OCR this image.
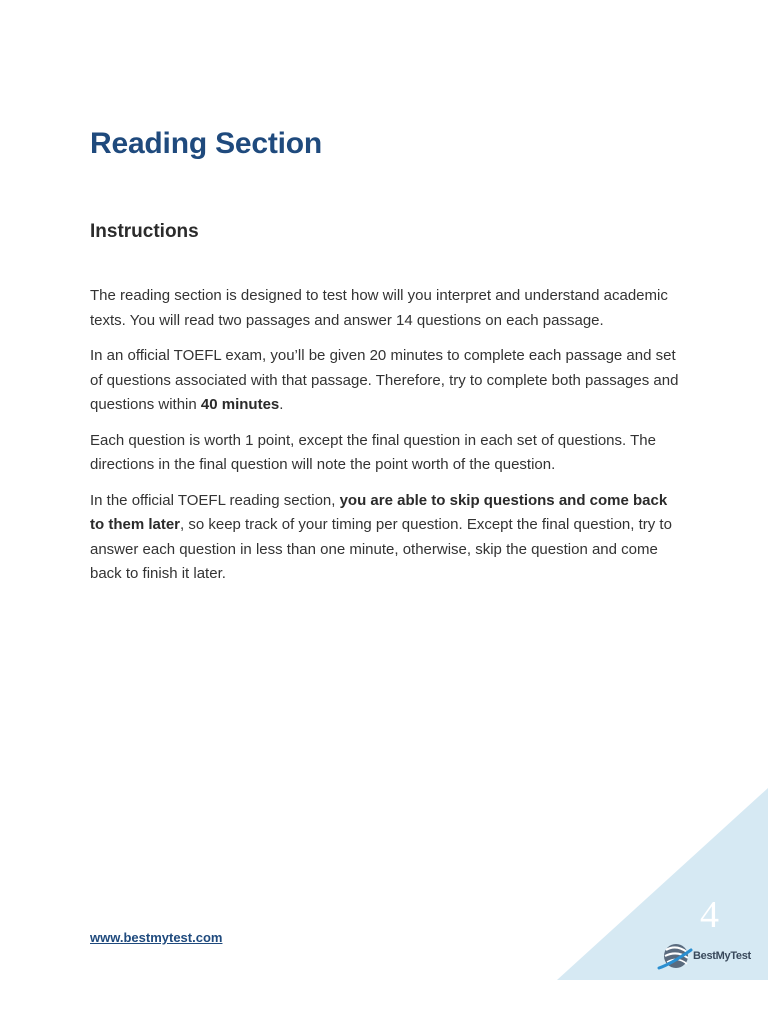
Reading Section
Instructions

The reading section is designed to test how will you interpret and understand academic texts. You will read two passages and answer 14 questions on each passage.

In an official TOEFL exam, you’ll be given 20 minutes to complete each passage and set of questions associated with that passage. Therefore, try to complete both passages and questions within 40 minutes.

Each question is worth 1 point, except the final question in each set of questions. The directions in the final question will note the point worth of the question.

In the official TOEFL reading section, you are able to skip questions and come back to them later, so keep track of your timing per question. Except the final question, try to answer each question in less than one minute, otherwise, skip the question and come back to finish it later.

www.bestmytest.com
4
BestMyTest
